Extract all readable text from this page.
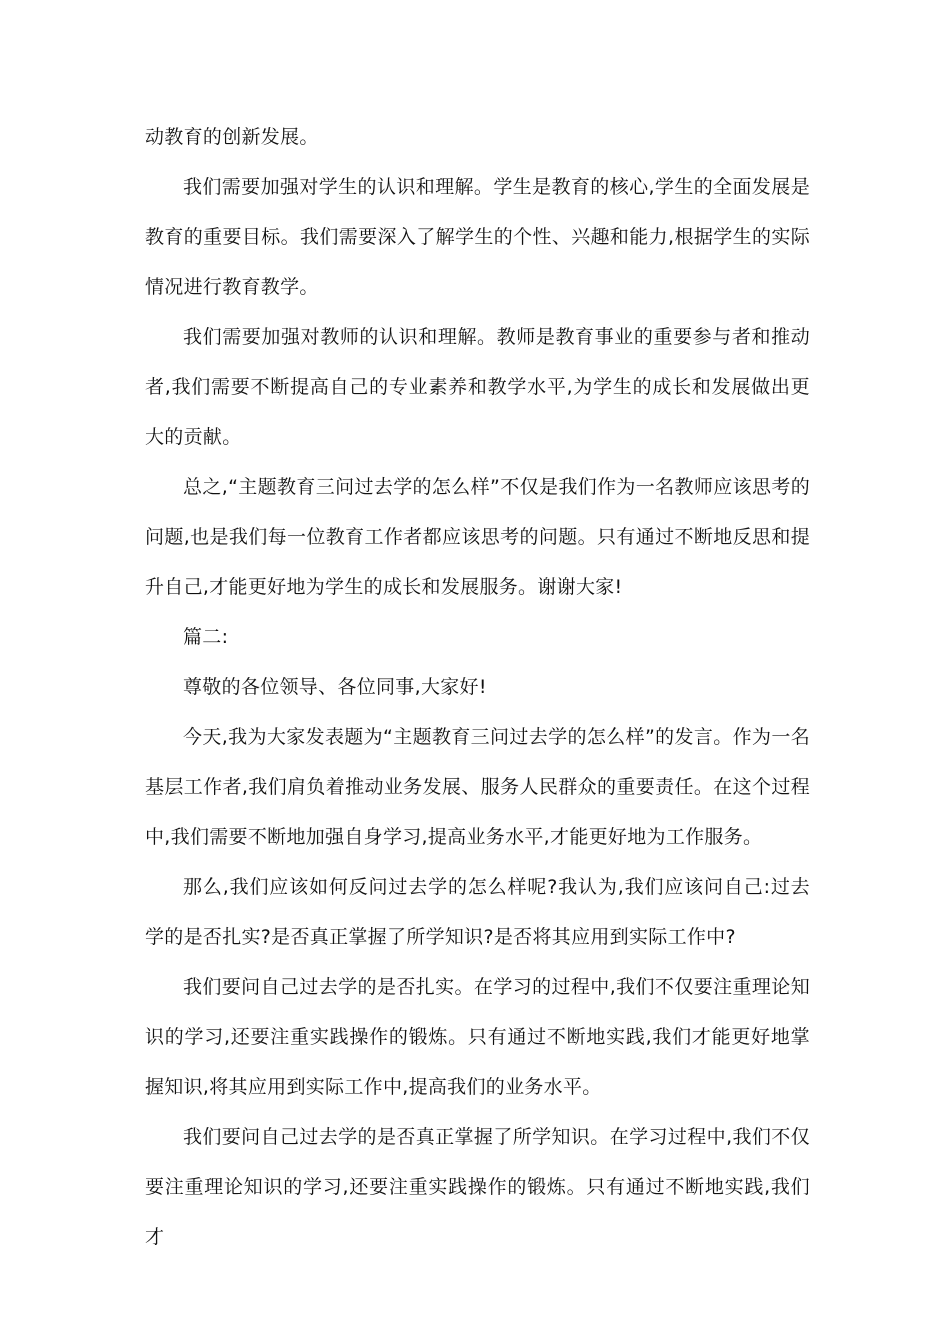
动教育的创新发展。

我们需要加强对学生的认识和理解。学生是教育的核心,学生的全面发展是教育的重要目标。我们需要深入了解学生的个性、兴趣和能力,根据学生的实际情况进行教育教学。

我们需要加强对教师的认识和理解。教师是教育事业的重要参与者和推动者,我们需要不断提高自己的专业素养和教学水平,为学生的成长和发展做出更大的贡献。

总之,“主题教育三问过去学的怎么样”不仅是我们作为一名教师应该思考的问题,也是我们每一位教育工作者都应该思考的问题。只有通过不断地反思和提升自己,才能更好地为学生的成长和发展服务。谢谢大家!

篇二:

尊敬的各位领导、各位同事,大家好!

今天,我为大家发表题为“主题教育三问过去学的怎么样”的发言。作为一名基层工作者,我们肩负着推动业务发展、服务人民群众的重要责任。在这个过程中,我们需要不断地加强自身学习,提高业务水平,才能更好地为工作服务。

那么,我们应该如何反问过去学的怎么样呢?我认为,我们应该问自己:过去学的是否扎实?是否真正掌握了所学知识?是否将其应用到实际工作中?

我们要问自己过去学的是否扎实。在学习的过程中,我们不仅要注重理论知识的学习,还要注重实践操作的锻炼。只有通过不断地实践,我们才能更好地掌握知识,将其应用到实际工作中,提高我们的业务水平。

我们要问自己过去学的是否真正掌握了所学知识。在学习过程中,我们不仅要注重理论知识的学习,还要注重实践操作的锻炼。只有通过不断地实践,我们才
